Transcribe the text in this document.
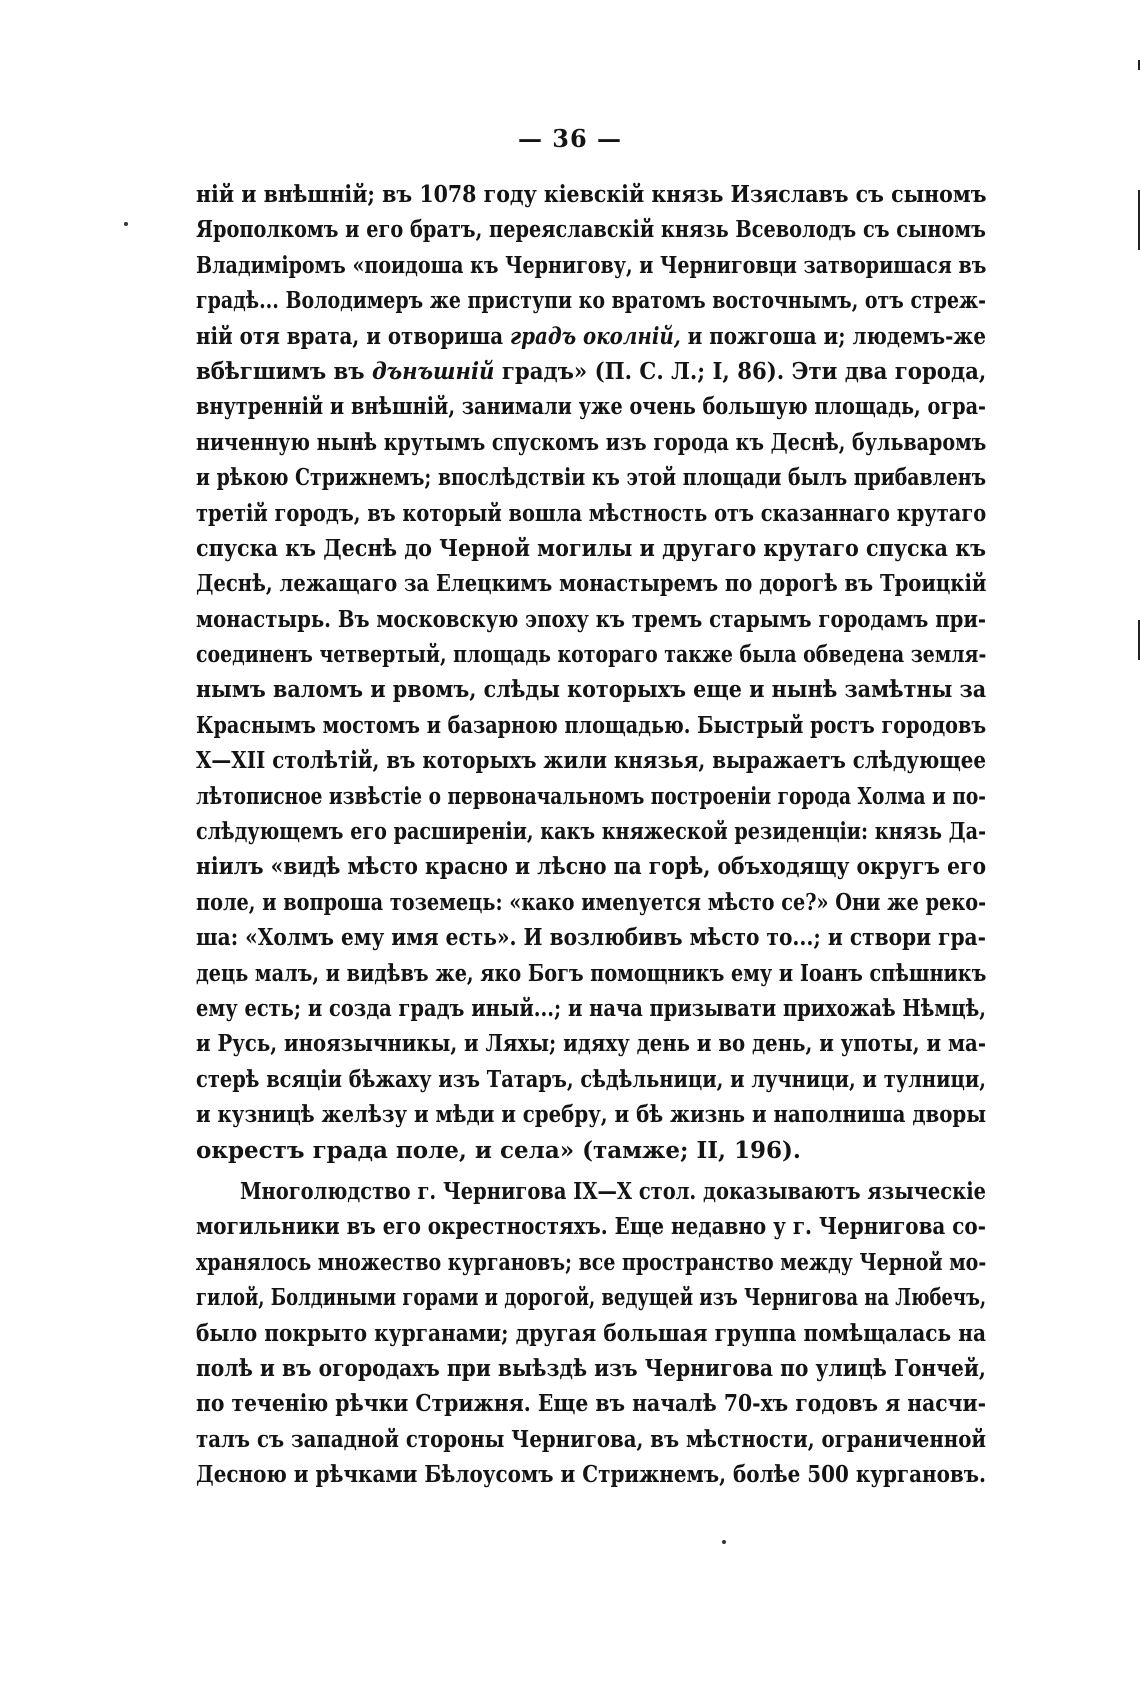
— 36 —
ній и внѣшній; въ 1078 году кіевскій князь Изяславъ съ сыномъ
Ярополкомъ и его братъ, переяславскій князь Всеволодъ съ сыномъ
Владиміромъ «поидоша къ Чернигову, и Черниговци затворишася въ
градѣ... Володимеръ же приступи ко вратомъ восточнымъ, отъ стреж-
ній отя врата, и отвориша градъ околній, и пожгоша и; людемъ-же
вбѣгшимъ въ дънъшній градъ» (П. С. Л.; I, 86). Эти два города,
внутренній и внѣшній, занимали уже очень большую площадь, огра-
ниченную нынѣ крутымъ спускомъ изъ города къ Деснѣ, бульваромъ
и рѣкою Стрижнемъ; впослѣдствіи къ этой площади былъ прибавленъ
третій городъ, въ который вошла мѣстность отъ сказаннаго крутаго
спуска къ Деснѣ до Черной могилы и другаго крутаго спуска къ
Деснѣ, лежащаго за Елецкимъ монастыремъ по дорогѣ въ Троицкій
монастырь. Въ московскую эпоху къ тремъ старымъ городамъ при-
соединенъ четвертый, площадь котораго также была обведена земля-
нымъ валомъ и рвомъ, слѣды которыхъ еще и нынѣ замѣтны за
Краснымъ мостомъ и базарною площадью. Быстрый ростъ городовъ
X—XII столѣтій, въ которыхъ жили князья, выражаетъ слѣдующее
лѣтописное извѣстіе о первоначальномъ построеніи города Холма и по-
слѣдующемъ его расширеніи, какъ княжеской резиденціи: князь Да-
ніилъ «видѣ мѣсто красно и лѣсно па горѣ, объходящу округъ его
поле, и вопроша тоземець: «како имеnуется мѣсто се?» Они же реко-
ша: «Холмъ ему имя есть». И возлюбивъ мѣсто то...; и створи гра-
дець малъ, и видѣвъ же, яко Богъ помощникъ ему и Іоанъ спѣшникъ
ему есть; и созда градъ иный...; и нача призывати прихожаѣ Нѣмцѣ,
и Русь, иноязычникы, и Ляхы; идяху день и во день, и употы, и ма-
стерѣ всяціи бѣжаху изъ Татаръ, сѣдѣльници, и лучници, и тулници,
и кузницѣ желѣзу и мѣди и сребру, и бѣ жизнь и наполниша дворы
окрестъ града поле, и села» (тамже; II, 196).
Многолюдство г. Чернигова IX—X стол. доказываютъ языческіе
могильники въ его окрестностяхъ. Еще недавно у г. Чернигова со-
хранялось множество кургановъ; все пространство между Черной мо-
гилой, Болдиными горами и дорогой, ведущей изъ Чернигова на Любечъ,
было покрыто курганами; другая большая группа помѣщалась на
полѣ и въ огородахъ при выѣздѣ изъ Чернигова по улицѣ Гончей,
по теченію рѣчки Стрижня. Еще въ началѣ 70-хъ годовъ я насчи-
талъ съ западной стороны Чернигова, въ мѣстности, ограниченной
Десною и рѣчками Бѣлоусомъ и Стрижнемъ, болѣе 500 кургановъ.
